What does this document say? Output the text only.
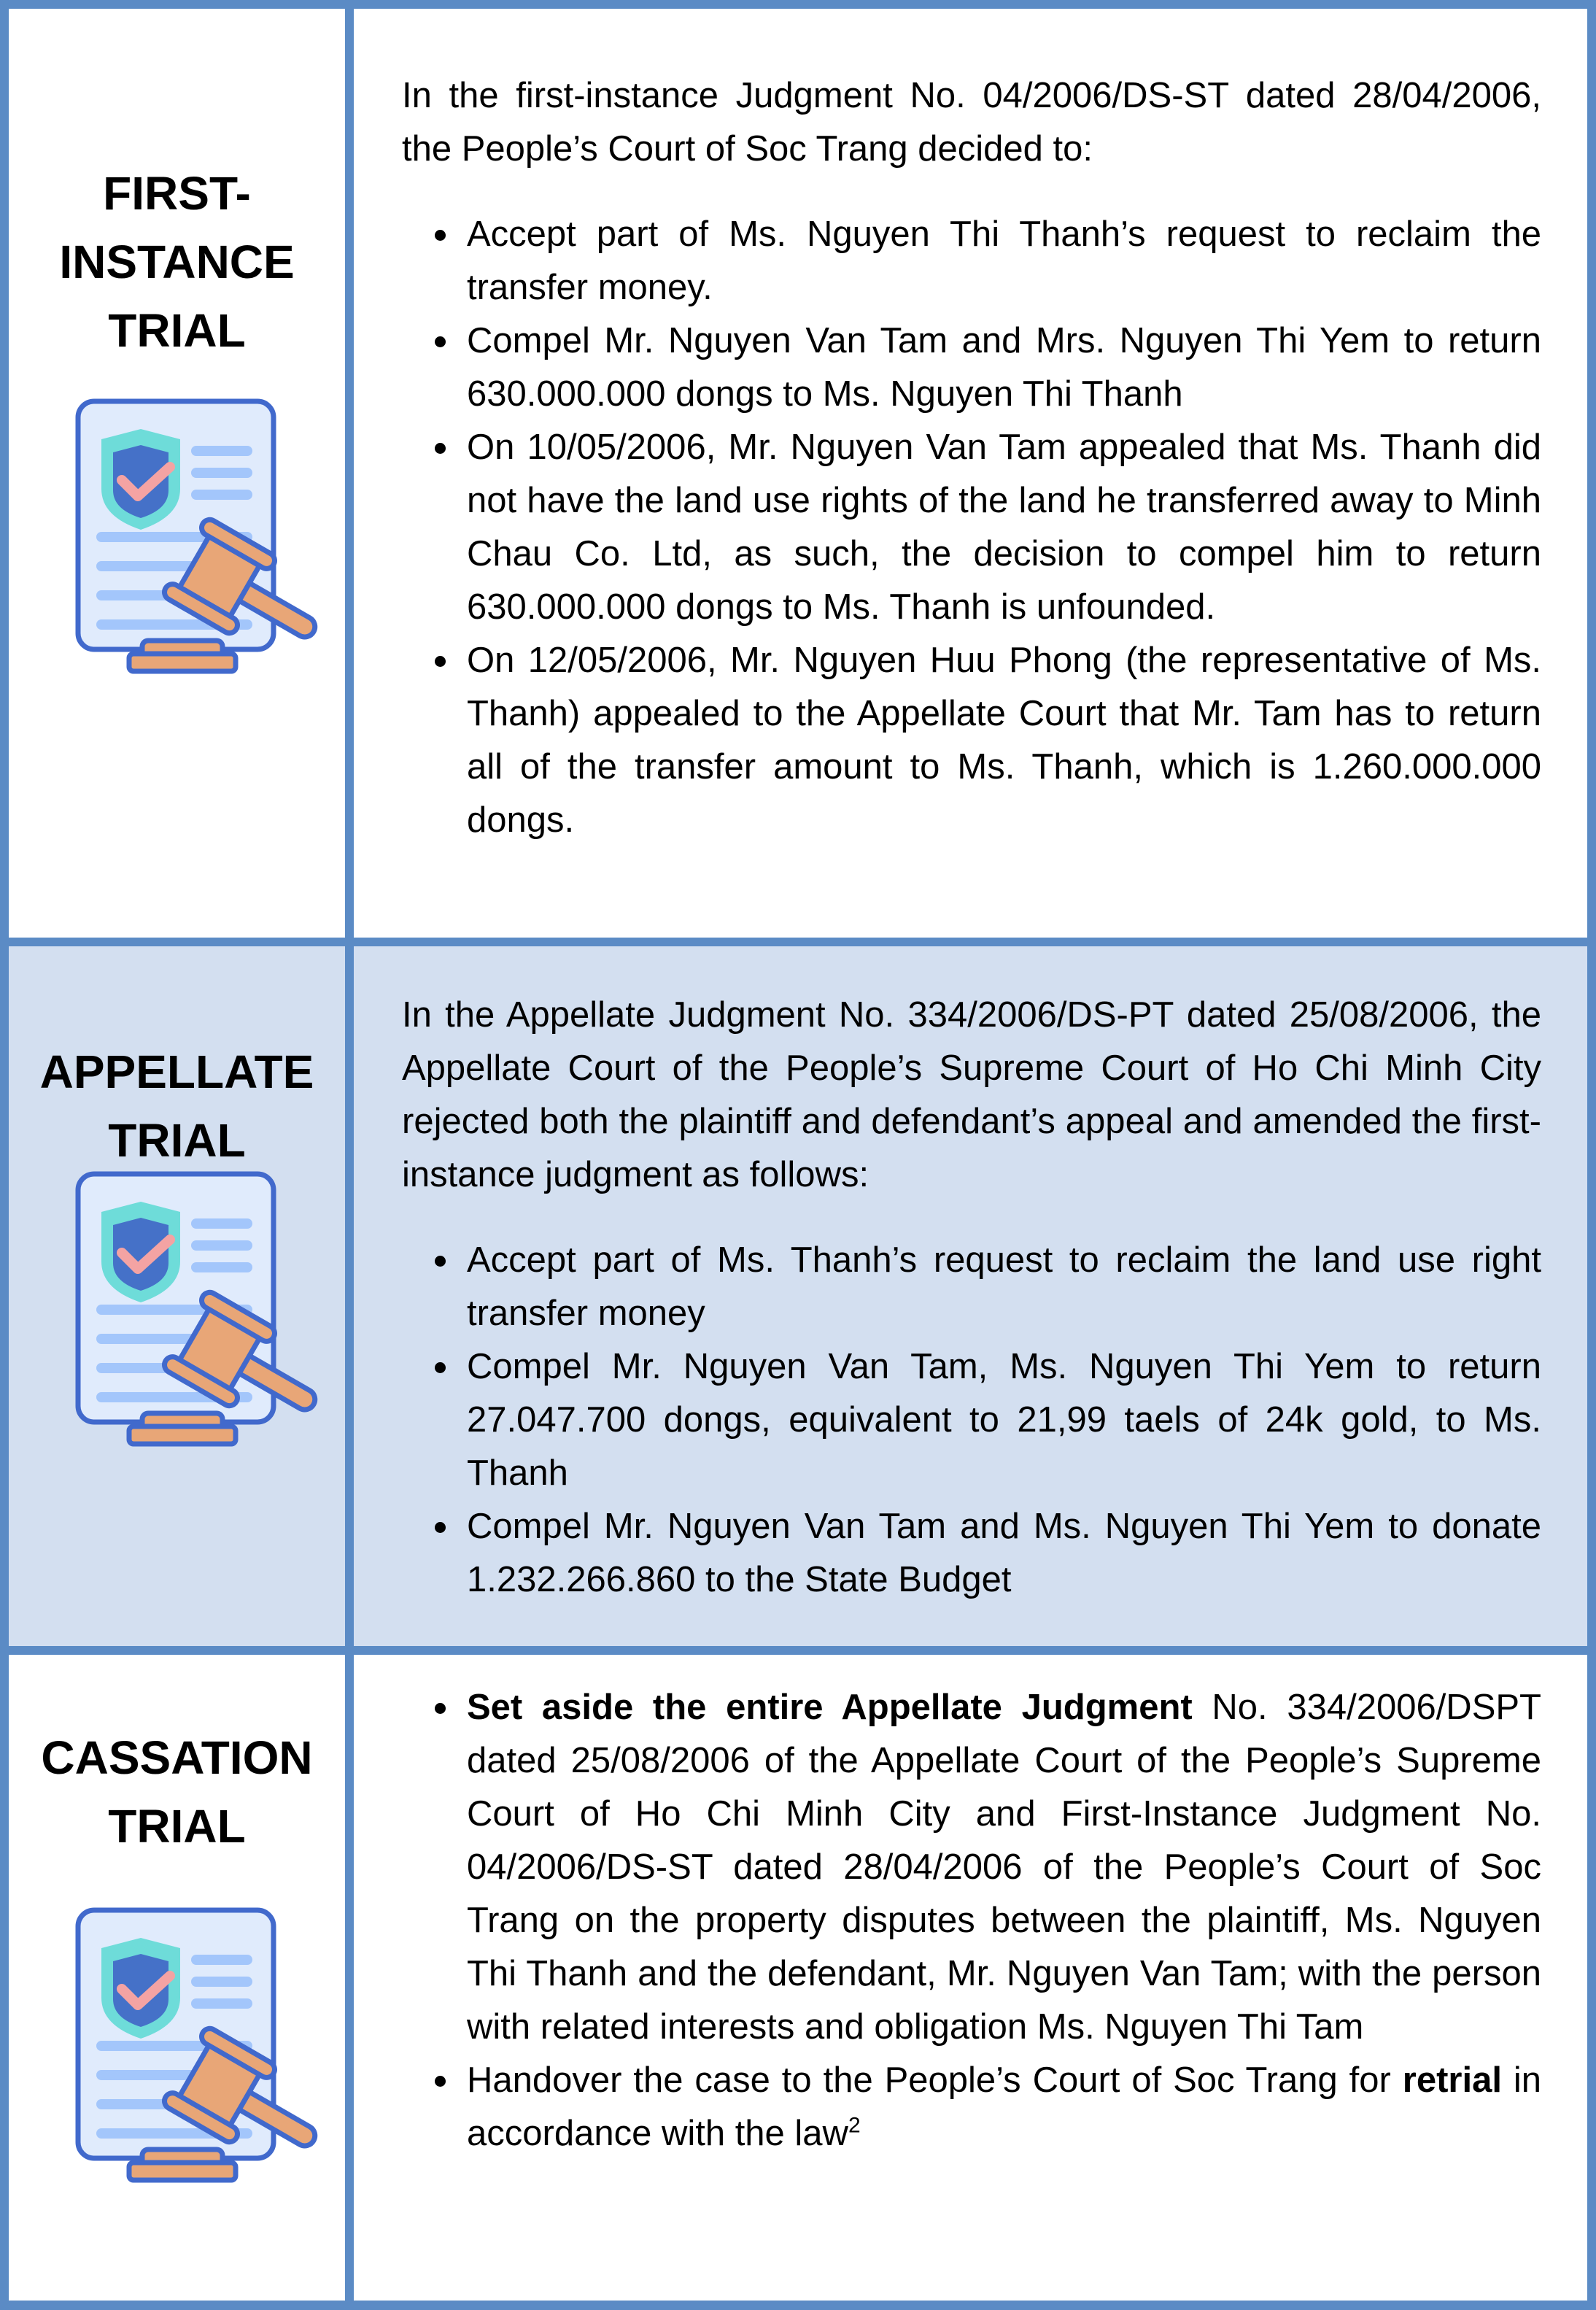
FIRST-
INSTANCE
TRIAL

In the first-instance Judgment No. 04/2006/DS-ST dated 28/04/2006, the People’s Court of Soc Trang decided to:

Accept part of Ms. Nguyen Thi Thanh’s request to reclaim the transfer money.
Compel Mr. Nguyen Van Tam and Mrs. Nguyen Thi Yem to return 630.000.000 dongs to Ms. Nguyen Thi Thanh
On 10/05/2006, Mr. Nguyen Van Tam appealed that Ms. Thanh did not have the land use rights of the land he transferred away to Minh Chau Co. Ltd, as such, the decision to compel him to return 630.000.000 dongs to Ms. Thanh is unfounded.
On 12/05/2006, Mr. Nguyen Huu Phong (the representative of Ms. Thanh) appealed to the Appellate Court that Mr. Tam has to return all of the transfer amount to Ms. Thanh, which is 1.260.000.000 dongs.
APPELLATE
TRIAL

In the Appellate Judgment No. 334/2006/DS-PT dated 25/08/2006, the Appellate Court of the People’s Supreme Court of Ho Chi Minh City rejected both the plaintiff and defendant’s appeal and amended the first-instance judgment as follows:

Accept part of Ms. Thanh’s request to reclaim the land use right transfer money
Compel Mr. Nguyen Van Tam, Ms. Nguyen Thi Yem to return 27.047.700 dongs, equivalent to 21,99 taels of 24k gold, to Ms. Thanh
Compel Mr. Nguyen Van Tam and Ms. Nguyen Thi Yem to donate 1.232.266.860 to the State Budget
CASSATION
TRIAL
Set aside the entire Appellate Judgment No. 334/2006/DSPT dated 25/08/2006 of the Appellate Court of the People’s Supreme Court of Ho Chi Minh City and First-Instance Judgment No. 04/2006/DS-ST dated 28/04/2006 of the People’s Court of Soc Trang on the property disputes between the plaintiff, Ms. Nguyen Thi Thanh and the defendant, Mr. Nguyen Van Tam; with the person with related interests and obligation Ms. Nguyen Thi Tam
Handover the case to the People’s Court of Soc Trang for retrial in accordance with the law$^2$
